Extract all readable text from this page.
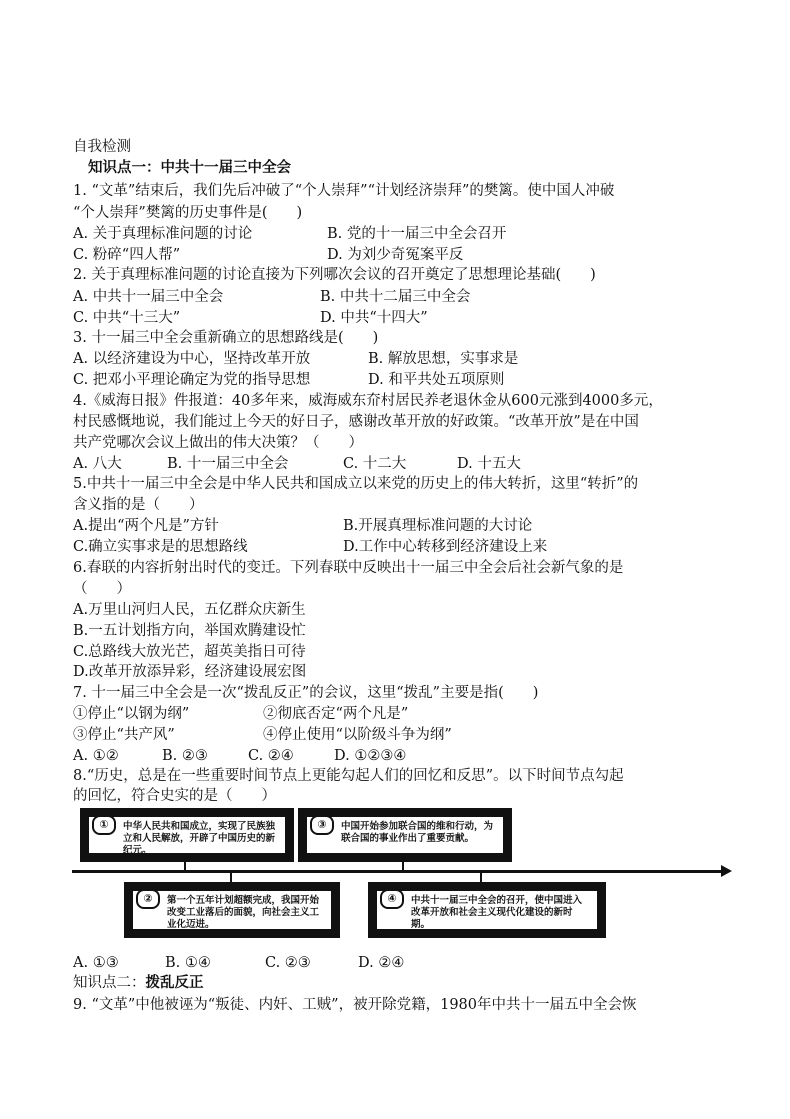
自我检测
知识点一：中共十一届三中全会
1. “文革”结束后，我们先后冲破了“个人崇拜”“计划经济崇拜”的樊篱。使中国人冲破
“个人崇拜”樊篱的历史事件是(　　)
A. 关于真理标准问题的讨论	B. 党的十一届三中全会召开
C. 粉碎“四人帮”	D. 为刘少奇冤案平反
2. 关于真理标准问题的讨论直接为下列哪次会议的召开奠定了思想理论基础(　　)
A. 中共十一届三中全会	B. 中共十二届三中全会
C. 中共“十三大”	D. 中共“十四大”
3. 十一届三中全会重新确立的思想路线是(　　)
A. 以经济建设为中心，坚持改革开放	B. 解放思想，实事求是
C. 把邓小平理论确定为党的指导思想	D. 和平共处五项原则
4.《威海日报》件报道：40多年来，威海威东夼村居民养老退休金从600元涨到4000多元，
村民感慨地说，我们能过上今天的好日子，感谢改革开放的好政策。“改革开放”是在中国
共产党哪次会议上做出的伟大决策？（　　）
A. 八大	B. 十一届三中全会	C. 十二大	D. 十五大
5.中共十一届三中全会是中华人民共和国成立以来党的历史上的伟大转折，这里“转折”的
含义指的是（　　）
A.提出“两个凡是”方针	B.开展真理标准问题的大讨论
C.确立实事求是的思想路线	D.工作中心转移到经济建设上来
6.春联的内容折射出时代的变迁。下列春联中反映出十一届三中全会后社会新气象的是
（　　）
A.万里山河归人民，五亿群众庆新生
B.一五计划指方向，举国欢腾建设忙
C.总路线大放光芒，超英美指日可待
D.改革开放添异彩，经济建设展宏图
7. 十一届三中全会是一次“拨乱反正”的会议，这里“拨乱”主要是指(　　)
①停止“以钢为纲”	②彻底否定“两个凡是”
③停止“共产风”	④停止使用“以阶级斗争为纲”
A. ①②	B. ②③	C. ②④	D. ①②③④
8.“历史，总是在一些重要时间节点上更能勾起人们的回忆和反思”。以下时间节点勾起
的回忆，符合史实的是（　　）
中华人民共和国成立，实现了民族独立和人民解放，开辟了中国历史的新纪元。
①	中国开始参加联合国的维和行动，为联合国的事业作出了重要贡献。
③
第一个五年计划超额完成，我国开始改变工业落后的面貌，向社会主义工业化迈进。
②	中共十一届三中全会的召开，使中国进入改革开放和社会主义现代化建设的新时期。
④
A. ①③	B. ①④	C. ②③	D. ②④
知识点二：拨乱反正
9. “文革”中他被诬为“叛徒、内奸、工贼”，被开除党籍，1980年中共十一届五中全会恢
